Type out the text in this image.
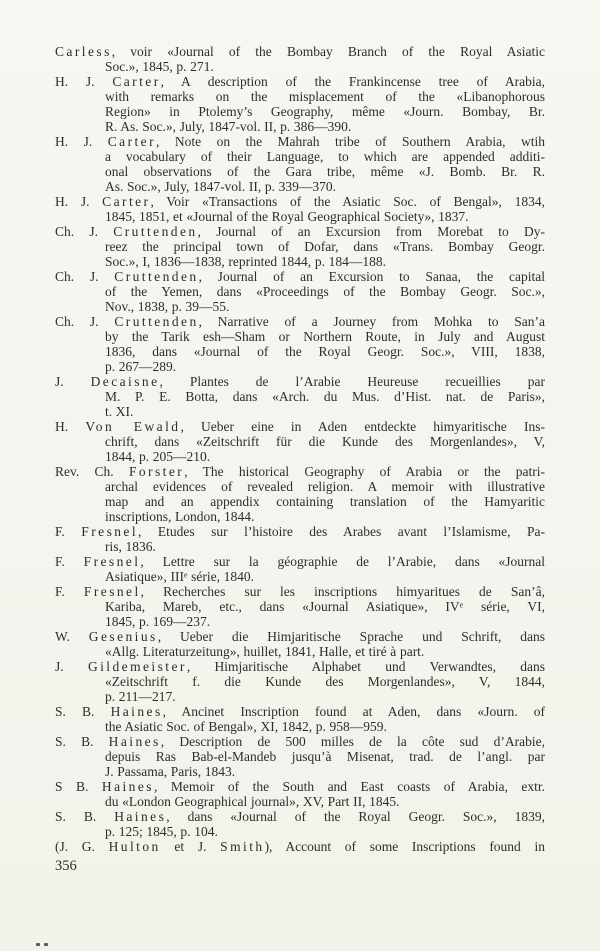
Carless, voir «Journal of the Bombay Branch of the Royal Asiatic
Soc.», 1845, p. 271.
H. J. Carter, A description of the Frankincense tree of Arabia,
with remarks on the misplacement of the «Libanophorous
Region» in Ptolemy’s Geography, même «Journ. Bombay, Br.
R. As. Soc.», July, 1847-vol. II, p. 386—390.
H. J. Carter, Note on the Mahrah tribe of Southern Arabia, wtih
a vocabulary of their Language, to which are appended additi-
onal observations of the Gara tribe, même «J. Bomb. Br. R.
As. Soc.», July, 1847-vol. II, p. 339—370.
H. J. Carter, Voir «Transactions of the Asiatic Soc. of Bengal», 1834,
1845, 1851, et «Journal of the Royal Geographical Society», 1837.
Ch. J. Cruttenden, Journal of an Excursion from Morebat to Dy-
reez the principal town of Dofar, dans «Trans. Bombay Geogr.
Soc.», I, 1836—1838, reprinted 1844, p. 184—188.
Ch. J. Cruttenden, Journal of an Excursion to Sanaa, the capital
of the Yemen, dans «Proceedings of the Bombay Geogr. Soc.»,
Nov., 1838, p. 39—55.
Ch. J. Cruttenden, Narrative of a Journey from Mohka to San’a
by the Tarik esh—Sham or Northern Route, in July and August
1836, dans «Journal of the Royal Geogr. Soc.», VIII, 1838,
p. 267—289.
J. Decaisne, Plantes de l’Arabie Heureuse recueillies par
M. P. E. Botta, dans «Arch. du Mus. d’Hist. nat. de Paris»,
t. XI.
H. Von Ewald, Ueber eine in Aden entdeckte himyaritische Ins-
chrift, dans «Zeitschrift für die Kunde des Morgenlandes», V,
1844, p. 205—210.
Rev. Ch. Forster, The historical Geography of Arabia or the patri-
archal evidences of revealed religion. A memoir with illustrative
map and an appendix containing translation of the Hamyaritic
inscriptions, London, 1844.
F. Fresnel, Etudes sur l’histoire des Arabes avant l’Islamisme, Pa-
ris, 1836.
F. Fresnel, Lettre sur la géographie de l’Arabie, dans «Journal
Asiatique», IIIᵉ série, 1840.
F. Fresnel, Recherches sur les inscriptions himyaritues de San’â,
Kariba, Mareb, etc., dans «Journal Asiatique», IVᵉ série, VI,
1845, p. 169—237.
W. Gesenius, Ueber die Himjaritische Sprache und Schrift, dans
«Allg. Literaturzeitung», huillet, 1841, Halle, et tiré à part.
J. Gildemeister, Himjaritische Alphabet und Verwandtes, dans
«Zeitschrift f. die Kunde des Morgenlandes», V, 1844,
p. 211—217.
S. B. Haines, Ancinet Inscription found at Aden, dans «Journ. of
the Asiatic Soc. of Bengal», XI, 1842, p. 958—959.
S. B. Haines, Description de 500 milles de la côte sud d’Arabie,
depuis Ras Bab-el-Mandeb jusqu’à Misenat, trad. de l’angl. par
J. Passama, Paris, 1843.
S B. Haines, Memoir of the South and East coasts of Arabia, extr.
du «London Geographical journal», XV, Part II, 1845.
S. B. Haines, dans «Journal of the Royal Geogr. Soc.», 1839,
p. 125; 1845, p. 104.
(J. G. Hulton et J. Smith), Account of some Inscriptions found in
356
